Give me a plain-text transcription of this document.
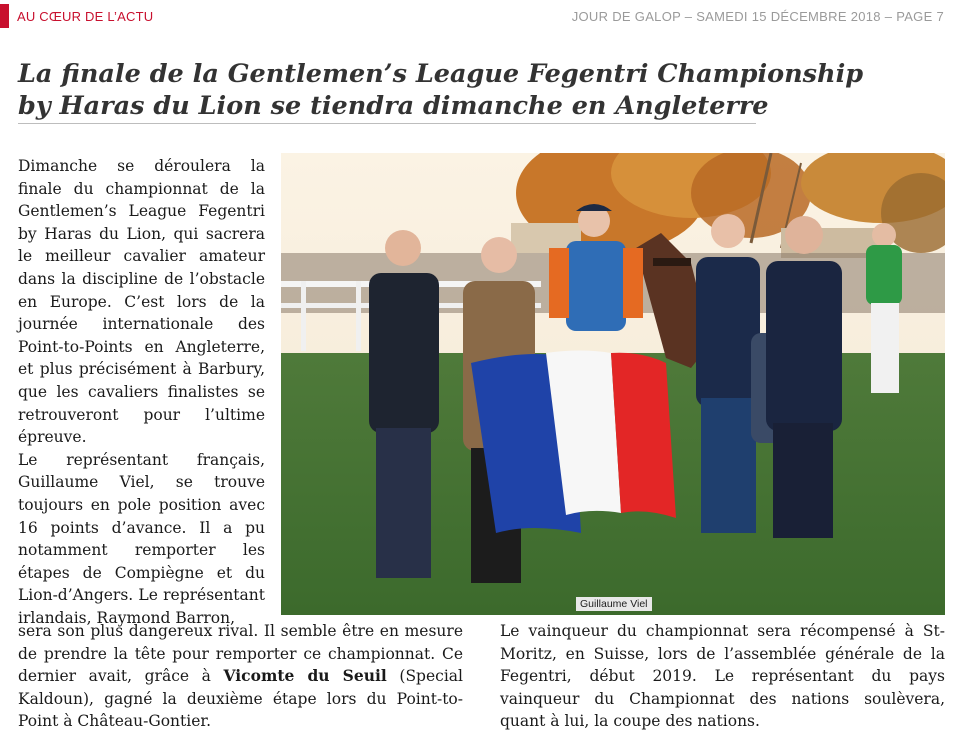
AU CŒUR DE L’ACTU	JOUR DE GALOP – SAMEDI 15 DÉCEMBRE 2018 – PAGE 7
La finale de la Gentlemen’s League Fegentri Championship
by Haras du Lion se tiendra dimanche en Angleterre

Dimanche se déroulera la finale du championnat de la Gentlemen’s League Fegentri by Haras du Lion, qui sacrera le meilleur cavalier amateur dans la discipline de l’obstacle en Europe. C’est lors de la journée internationale des Point-to-Points en Angleterre, et plus précisément à Barbury, que les cavaliers finalistes se retrouveront pour l’ultime épreuve.

Le représentant français, Guillaume Viel, se trouve toujours en pole position avec 16 points d’avance. Il a pu notamment remporter les étapes de Compiègne et du Lion-d’Angers. Le représentant irlandais, Raymond Barron,

Guillaume Viel
sera son plus dangereux rival. Il semble être en mesure de prendre la tête pour remporter ce championnat. Ce dernier avait, grâce à Vicomte du Seuil (Special Kaldoun), gagné la deuxième étape lors du Point-to-Point à Château-Gontier.
Le vainqueur du championnat sera récompensé à St-Moritz, en Suisse, lors de l’assemblée générale de la Fegentri, début 2019. Le représentant du pays vainqueur du Championnat des nations soulèvera, quant à lui, la coupe des nations.
